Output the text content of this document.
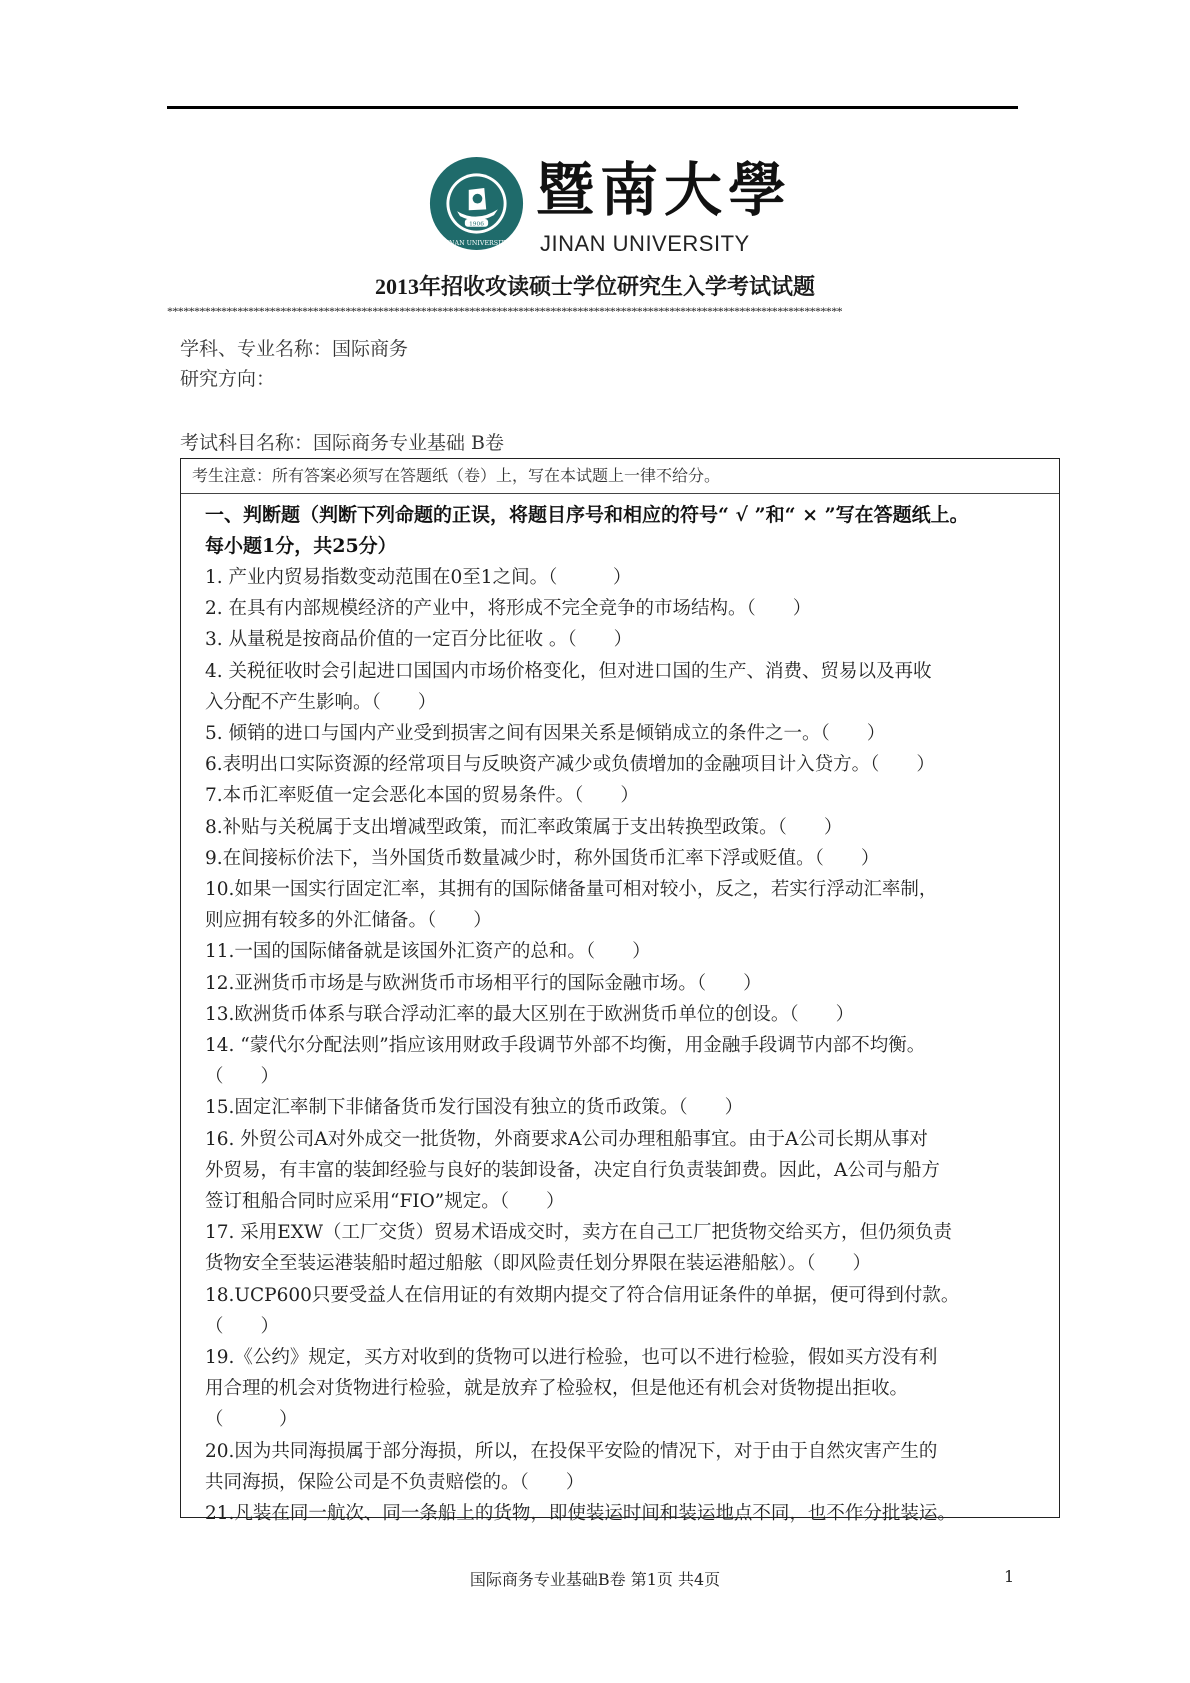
1906
JINAN UNIVERSITY
暨南大學
JINAN UNIVERSITY
2013年招收攻读硕士学位研究生入学考试试题
*****************************************************************************************************************************
学科、专业名称：国际商务
研究方向：
考试科目名称：国际商务专业基础 B卷
考生注意：所有答案必须写在答题纸（卷）上，写在本试题上一律不给分。
一、判断题（判断下列命题的正误，将题目序号和相应的符号“ √ ”和“ × ”写在答题纸上。
每小题1分，共25分）
1. 产业内贸易指数变动范围在0至1之间。（　　　）
2. 在具有内部规模经济的产业中，将形成不完全竞争的市场结构。（　　）
3. 从量税是按商品价值的一定百分比征收 。（　　）
4. 关税征收时会引起进口国国内市场价格变化，但对进口国的生产、消费、贸易以及再收
入分配不产生影响。（　　）
5. 倾销的进口与国内产业受到损害之间有因果关系是倾销成立的条件之一。（　　）
6.表明出口实际资源的经常项目与反映资产减少或负债增加的金融项目计入贷方。（　　）
7.本币汇率贬值一定会恶化本国的贸易条件。（　　）
8.补贴与关税属于支出增减型政策，而汇率政策属于支出转换型政策。（　　）
9.在间接标价法下，当外国货币数量减少时，称外国货币汇率下浮或贬值。（　　）
10.如果一国实行固定汇率，其拥有的国际储备量可相对较小，反之，若实行浮动汇率制，
则应拥有较多的外汇储备。（　　）
11.一国的国际储备就是该国外汇资产的总和。（　　）
12.亚洲货币市场是与欧洲货币市场相平行的国际金融市场。（　　）
13.欧洲货币体系与联合浮动汇率的最大区别在于欧洲货币单位的创设。（　　）
14. “蒙代尔分配法则”指应该用财政手段调节外部不均衡，用金融手段调节内部不均衡。
（　　）
15.固定汇率制下非储备货币发行国没有独立的货币政策。（　　）
16. 外贸公司A对外成交一批货物，外商要求A公司办理租船事宜。由于A公司长期从事对
外贸易，有丰富的装卸经验与良好的装卸设备，决定自行负责装卸费。因此，A公司与船方
签订租船合同时应采用“FIO”规定。（　　）
17. 采用EXW（工厂交货）贸易术语成交时，卖方在自己工厂把货物交给买方，但仍须负责
货物安全至装运港装船时超过船舷（即风险责任划分界限在装运港船舷）。（　　）
18.UCP600只要受益人在信用证的有效期内提交了符合信用证条件的单据，便可得到付款。
（　　）
19.《公约》规定，买方对收到的货物可以进行检验，也可以不进行检验，假如买方没有利
用合理的机会对货物进行检验，就是放弃了检验权，但是他还有机会对货物提出拒收。
（　　　）
20.因为共同海损属于部分海损，所以，在投保平安险的情况下，对于由于自然灾害产生的
共同海损，保险公司是不负责赔偿的。（　　）
21.凡装在同一航次、同一条船上的货物，即使装运时间和装运地点不同，也不作分批装运。
国际商务专业基础B卷 第1页 共4页	1
